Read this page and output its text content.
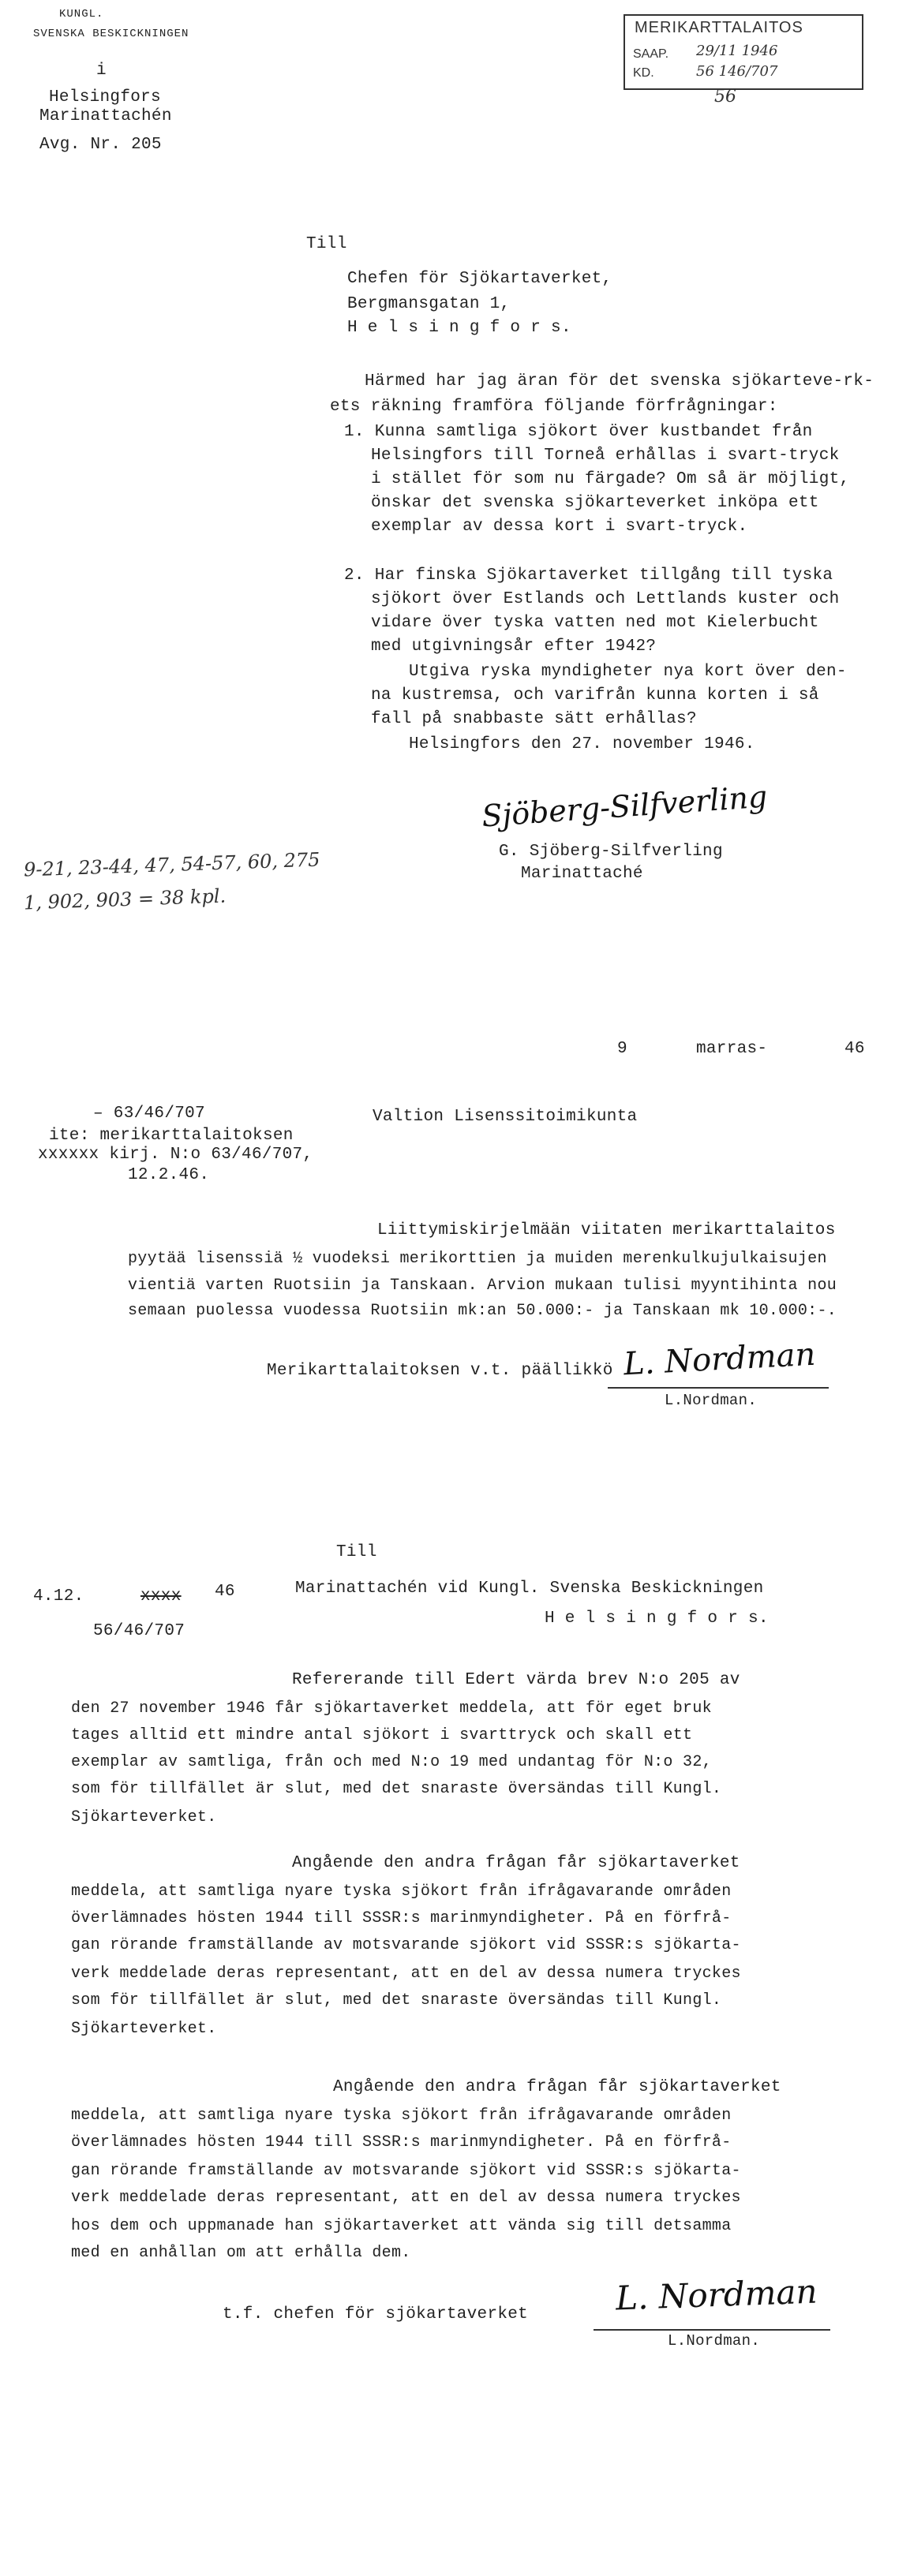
KUNGL.
SVENSKA BESKICKNINGEN
i
Helsingfors
Marinattachén
Avg. Nr. 205
MERIKARTTALAITOS
SAAP. 29/11 1946
KD.	56 146/707
56
Till
Chefen för Sjökartaverket,
Bergmansgatan 1,
H e l s i n g f o r s.
Härmed har jag äran för det svenska sjökarteve-rk-
ets räkning framföra följande förfrågningar:
1. Kunna samtliga sjökort över kustbandet från
Helsingfors till Torneå erhållas i svart-tryck
i stället för som nu färgade? Om så är möjligt,
önskar det svenska sjökarteverket inköpa ett
exemplar av dessa kort i svart-tryck.
2. Har finska Sjökartaverket tillgång till tyska
sjökort över Estlands och Lettlands kuster och
vidare över tyska vatten ned mot Kielerbucht
med utgivningsår efter 1942?
Utgiva ryska myndigheter nya kort över den-
na kustremsa, och varifrån kunna korten i så
fall på snabbaste sätt erhållas?
Helsingfors den 27. november 1946.
Sjöberg-Silfverling
G. Sjöberg-Silfverling
Marinattaché
9-21, 23-44, 47, 54-57, 60, 275
1, 902, 903 = 38 kpl.
9	marras-	46
– 63/46/707
ite: merikarttalaitoksen
xxxxxx kirj. N:o 63/46/707,
12.2.46.
Valtion Lisenssitoimikunta
Liittymiskirjelmään viitaten merikarttalaitos
pyytää lisenssiä ½ vuodeksi merikorttien ja muiden merenkulkujulkaisujen
vientiä varten Ruotsiin ja Tanskaan. Arvion mukaan tulisi myyntihinta nou
semaan puolessa vuodessa Ruotsiin mk:an 50.000:- ja Tanskaan mk 10.000:-.
Merikarttalaitoksen v.t. päällikkö L. Nordman
L.Nordman.
Till
4.12.	xxxx 46
56/46/707
Marinattachén vid Kungl. Svenska Beskickningen
H e l s i n g f o r s.
Refererande till Edert värda brev N:o 205 av
den 27 november 1946 får sjökartaverket meddela, att för eget bruk
tages alltid ett mindre antal sjökort i svarttryck och skall ett
exemplar av samtliga, från och med N:o 19 med undantag för N:o 32,
som för tillfället är slut, med det snaraste översändas till Kungl.
Sjökarteverket.
Angående den andra frågan får sjökartaverket
meddela, att samtliga nyare tyska sjökort från ifrågavarande områden
överlämnades hösten 1944 till SSSR:s marinmyndigheter. På en förfrå-
gan rörande framställande av motsvarande sjökort vid SSSR:s sjökarta-
verk meddelade deras representant, att en del av dessa numera tryckes
som för tillfället är slut, med det snaraste översändas till Kungl.
Sjökarteverket.
Angående den andra frågan får sjökartaverket
meddela, att samtliga nyare tyska sjökort från ifrågavarande områden
överlämnades hösten 1944 till SSSR:s marinmyndigheter. På en förfrå-
gan rörande framställande av motsvarande sjökort vid SSSR:s sjökarta-
verk meddelade deras representant, att en del av dessa numera tryckes
hos dem och uppmanade han sjökartaverket att vända sig till detsamma
med en anhållan om att erhålla dem.
t.f. chefen för sjökartaverket	L. Nordman
L.Nordman.
